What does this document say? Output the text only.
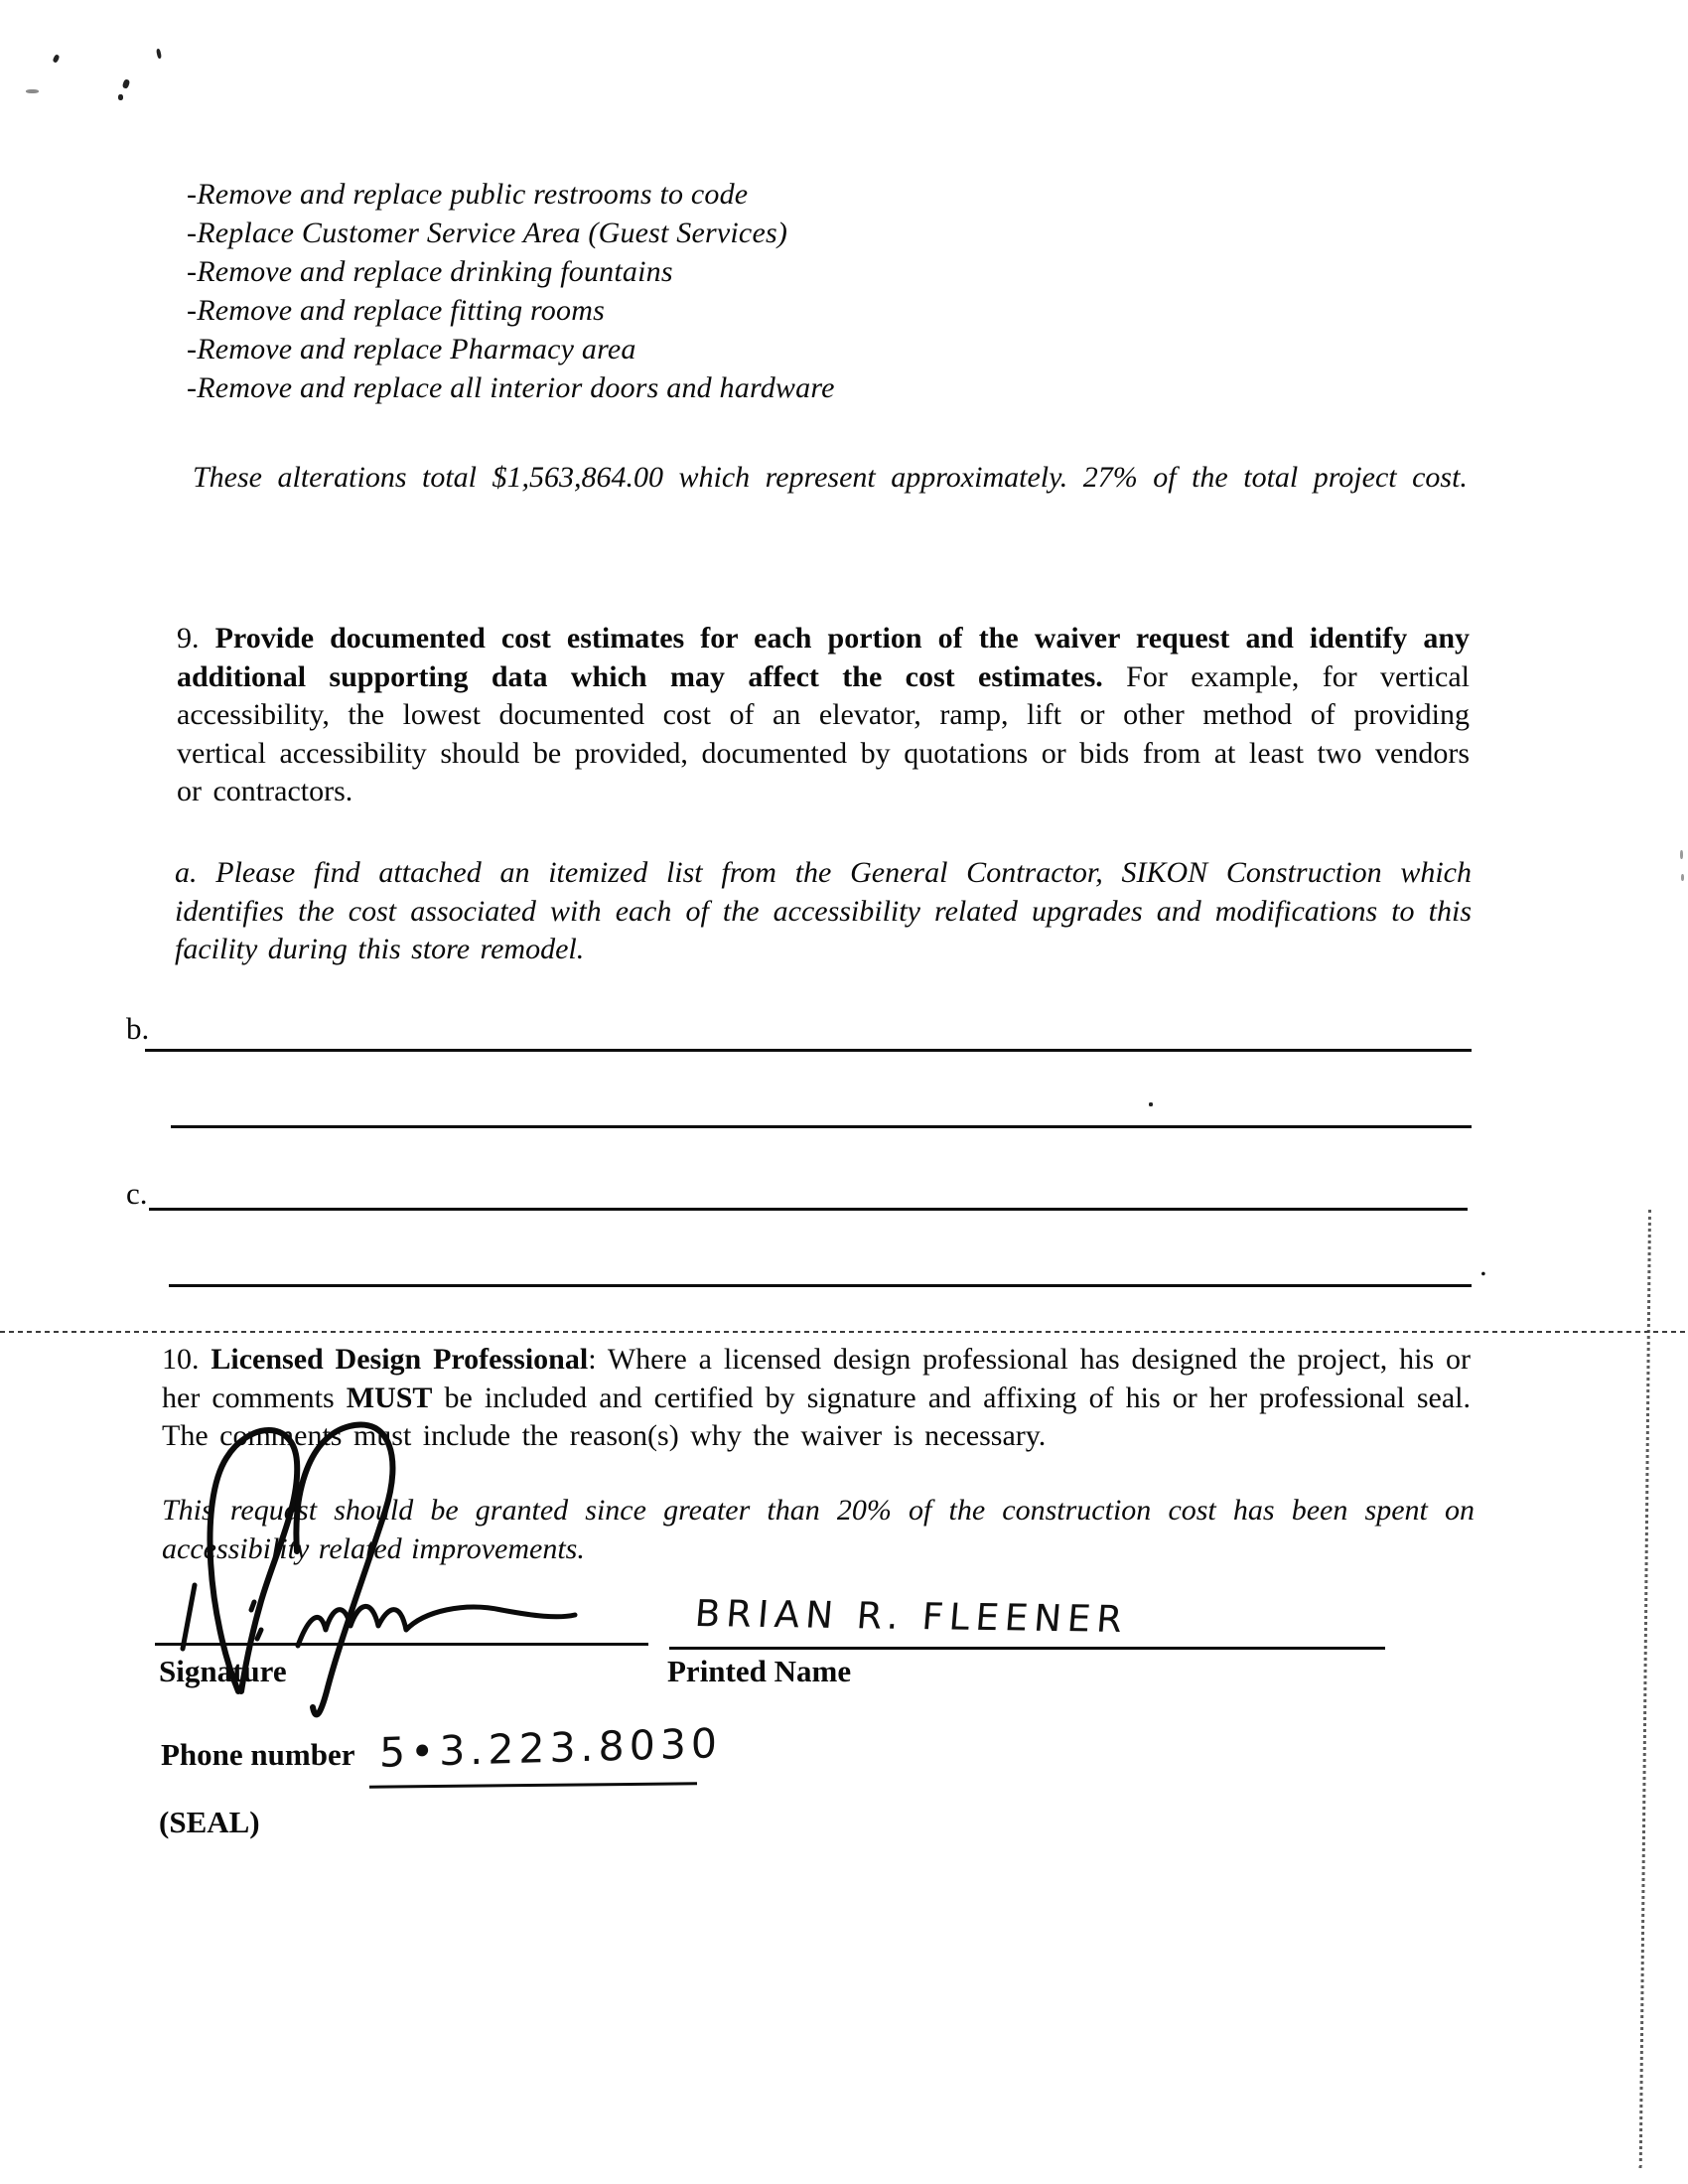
-Remove and replace public restrooms to code
-Replace Customer Service Area (Guest Services)
-Remove and replace drinking fountains
-Remove and replace fitting rooms
-Remove and replace Pharmacy area
-Remove and replace all interior doors and hardware
These alterations total $1,563,864.00 which represent approximately. 27% of the total project cost.
9. Provide documented cost estimates for each portion of the waiver request and identify any additional supporting data which may affect the cost estimates. For example, for vertical accessibility, the lowest documented cost of an elevator, ramp, lift or other method of providing vertical accessibility should be provided, documented by quotations or bids from at least two vendors or contractors.
a. Please find attached an itemized list from the General Contractor, SIKON Construction which identifies the cost associated with each of the accessibility related upgrades and modifications to this facility during this store remodel.
b.
c.
.
10. Licensed Design Professional: Where a licensed design professional has designed the project, his or her comments MUST be included and certified by signature and affixing of his or her professional seal. The comments must include the reason(s) why the waiver is necessary.
This request should be granted since greater than 20% of the construction cost has been spent on accessibility related improvements.
Signature	Printed Name
BRIAN R. FLEENER
Phone number 5•3.223.8030
(SEAL)
